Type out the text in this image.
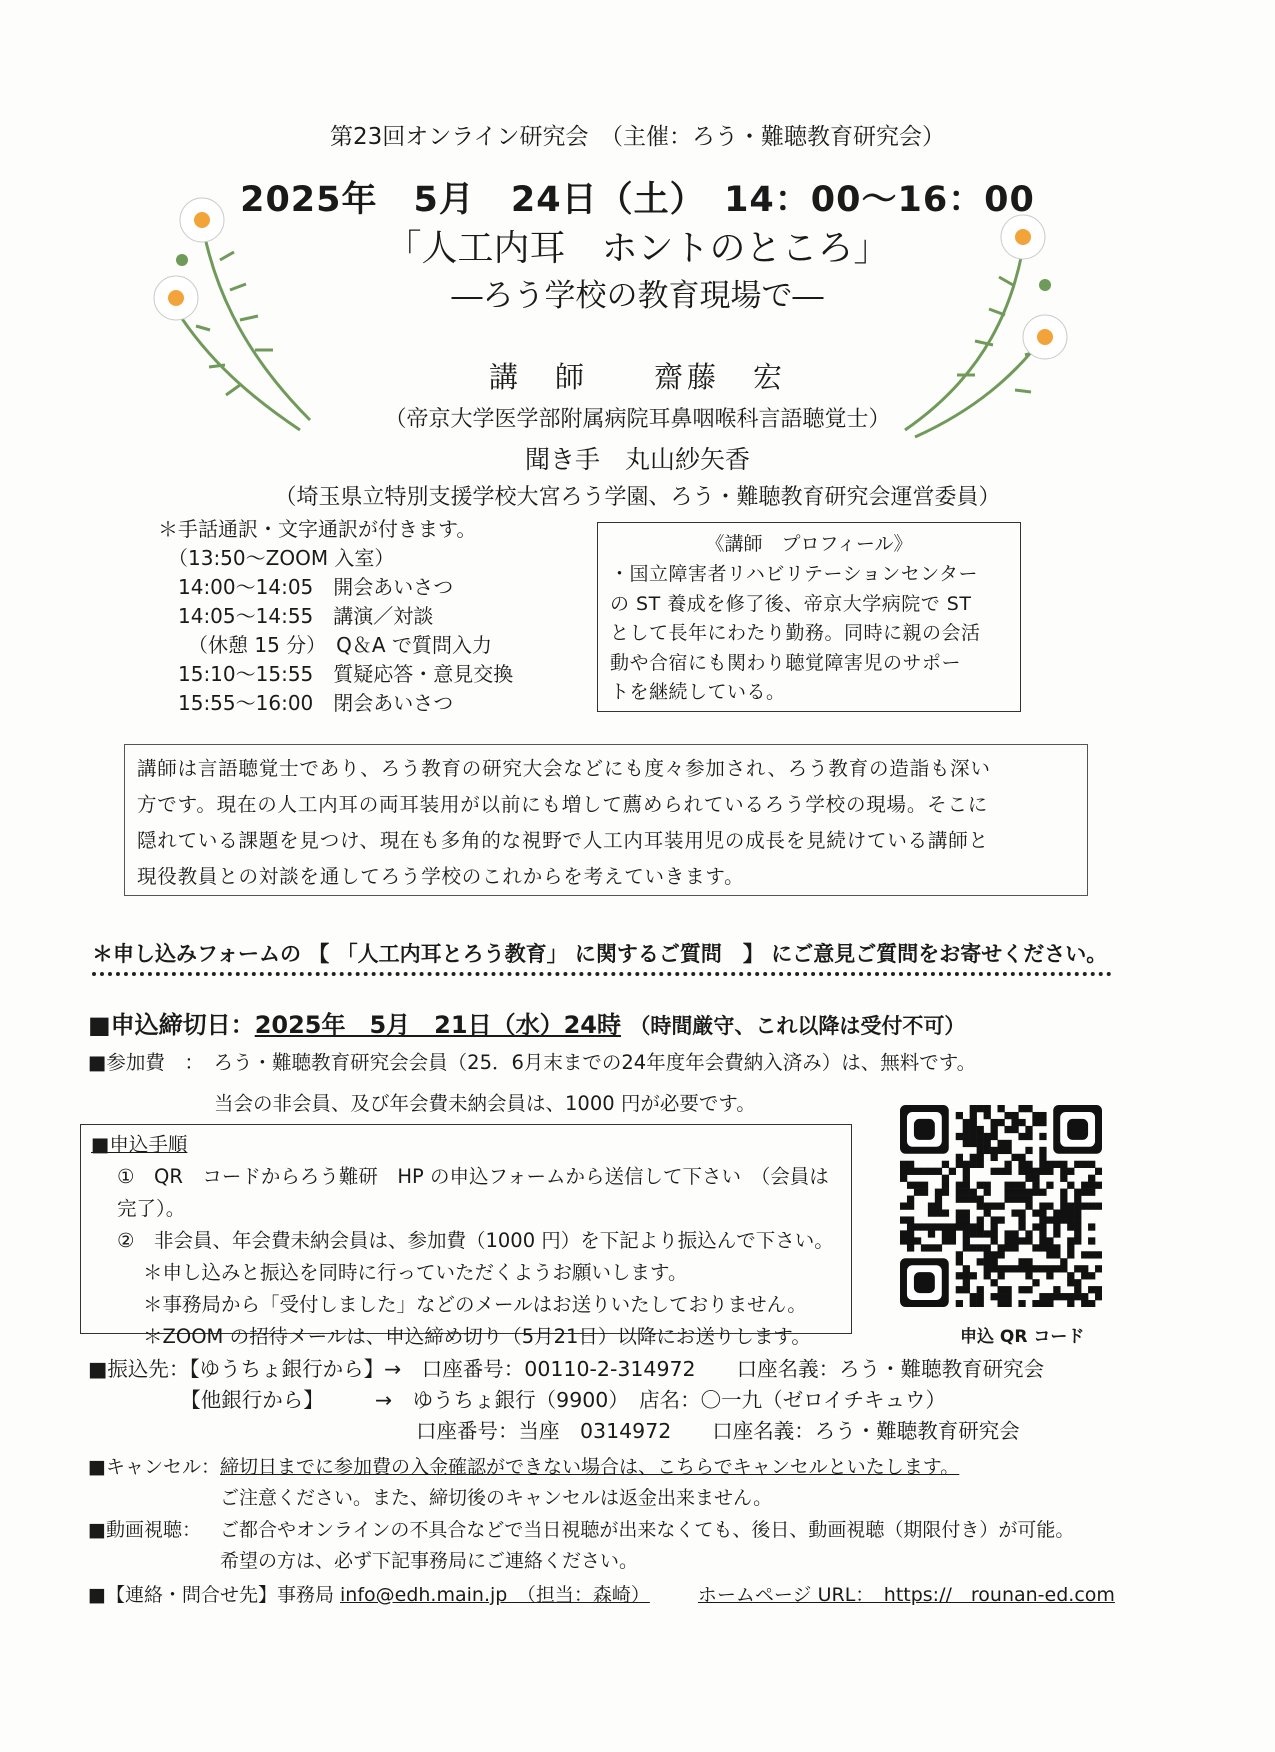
第23回オンライン研究会　（主催：ろう・難聴教育研究会）
2025年　5月　24日（土）　14：00～16：00
「人工内耳　ホントのところ」
―ろう学校の教育現場で―
講　師　　齋藤　宏
（帝京大学医学部附属病院耳鼻咽喉科言語聴覚士）
聞き手　丸山紗矢香
（埼玉県立特別支援学校大宮ろう学園、ろう・難聴教育研究会運営委員）
＊手話通訳・文字通訳が付きます。
　（13:50～ZOOM 入室）
　14:00～14:05　開会あいさつ
　14:05～14:55　講演／対談
　　（休憩 15 分）　Q＆A で質問入力
　15:10～15:55　質疑応答・意見交換
　15:55～16:00　閉会あいさつ
《講師　プロフィール》
・国立障害者リハビリテーションセンター
の ST 養成を修了後、帝京大学病院で ST
として長年にわたり勤務。同時に親の会活
動や合宿にも関わり聴覚障害児のサポー
トを継続している。
講師は言語聴覚士であり、ろう教育の研究大会などにも度々参加され、ろう教育の造詣も深い
方です。現在の人工内耳の両耳装用が以前にも増して薦められているろう学校の現場。そこに
隠れている課題を見つけ、現在も多角的な視野で人工内耳装用児の成長を見続けている講師と
現役教員との対談を通してろう学校のこれからを考えていきます。
＊申し込みフォームの 【 「人工内耳とろう教育」 に関するご質問　】 にご意見ご質問をお寄せください。
■申込締切日：2025年　5月　21日（水）24時 （時間厳守、これ以降は受付不可）
■参加費　：　ろう・難聴教育研究会会員（25．6月末までの24年度年会費納入済み）は、無料です。
当会の非会員、及び年会費未納会員は、1000 円が必要です。
■申込手順
①　QR　コードからろう難研　HP の申込フォームから送信して下さい　（会員は完了）。
②　非会員、年会費未納会員は、参加費（1000 円）を下記より振込んで下さい。
＊申し込みと振込を同時に行っていただくようお願いします。
＊事務局から「受付しました」などのメールはお送りいたしておりません。
＊ZOOM の招待メールは、申込締め切り（5月21日）以降にお送りします。	申込 QR コード
■振込先：【ゆうちょ銀行から】→　口座番号：00110-2-314972　　口座名義：ろう・難聴教育研究会
　　　　　【他銀行から】　　　→　ゆうちょ銀行（9900）　店名：〇一九（ゼロイチキュウ）
　　　　　　　　　　　　　　　　口座番号：当座　0314972　　口座名義：ろう・難聴教育研究会
■キャンセル：締切日までに参加費の入金確認ができない場合は、こちらでキャンセルといたします。
ご注意ください。また、締切後のキャンセルは返金出来ません。
■動画視聴： ご都合やオンラインの不具合などで当日視聴が出来なくても、後日、動画視聴（期限付き）が可能。
希望の方は、必ず下記事務局にご連絡ください。
■【連絡・問合せ先】事務局 info@edh.main.jp　（担当：森崎）	ホームページ URL：　https://　rounan-ed.com
